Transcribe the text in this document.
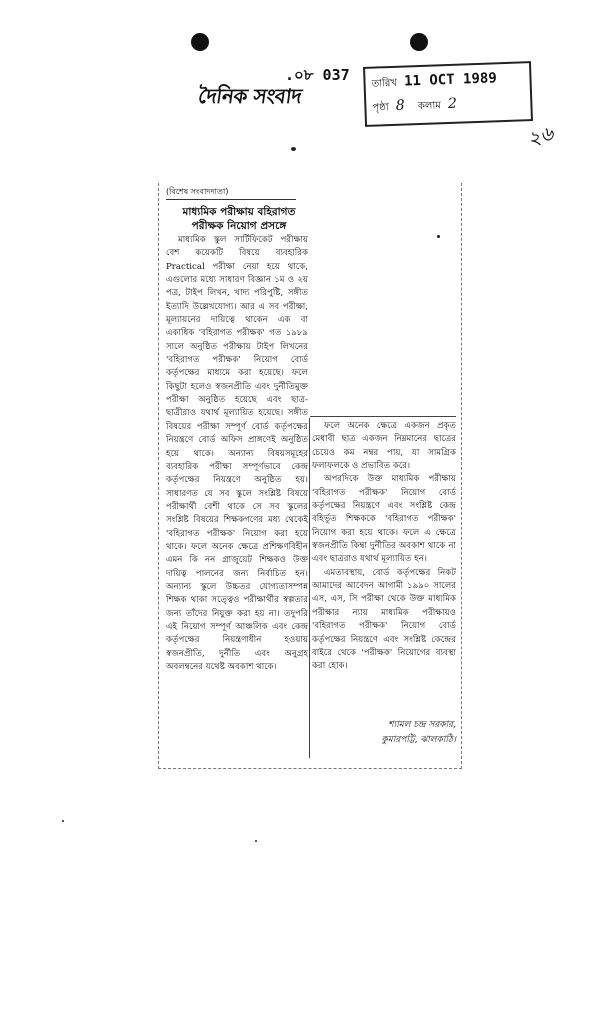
দৈনিক সংবাদ
.০৮ 037 তারিখ 11 OCT 1989
পৃষ্ঠা 8 কলাম 2
২৬
(বিশেষ সংবাদদাতা)
মাধ্যমিক পরীক্ষায় বহিরাগত পরীক্ষক নিয়োগ প্রসঙ্গে

মাধ্যমিক স্কুল সার্টিফিকেট পরীক্ষায় বেশ কয়েকটি বিষয়ে ব্যবহারিক Practical পরীক্ষা নেয়া হয়ে থাকে, এগুলোর মধ্যে সাধারণ বিজ্ঞান ১ম ও ২য় পত্র, টাইপ লিখন, খাদ্য পরিপুষ্টি, সঙ্গীত ইত্যাদি উল্লেখযোগ্য। আর এ সব পরীক্ষা, মূল্যায়নের দায়িত্বে থাকেন এক বা একাধিক 'বহিরাগত পরীক্ষক' গত ১৯৮৯ সালে অনুষ্ঠিত পরীক্ষায় টাইপ লিখনের 'বহিরাগত পরীক্ষক' নিয়োগ বোর্ড কর্তৃপক্ষের মাধ্যমে করা হয়েছে। ফলে কিছুটা হলেও স্বজনপ্রীতি এবং দুর্নীতিমুক্ত পরীক্ষা অনুষ্ঠিত হয়েছে এবং ছাত্র-ছাত্রীরাও যথার্থ মূল্যায়িত হয়েছে। সঙ্গীত বিষয়ের পরীক্ষা সম্পূর্ণ বোর্ড কর্তৃপক্ষের নিয়ন্ত্রণে বোর্ড অফিস প্রাঙ্গণেই অনুষ্ঠিত হয়ে থাকে। অন্যান্য বিষয়সমূহের ব্যবহারিক পরীক্ষা সম্পূর্ণভাবে কেন্দ্র কর্তৃপক্ষের নিয়ন্ত্রণে অনুষ্ঠিত হয়। সাধারণত যে সব স্কুলে সংশ্লিষ্ট বিষয়ে পরীক্ষার্থী বেশী থাকে সে সব স্কুলের সংশ্লিষ্ট বিষয়ের শিক্ষকগণের মধ্য থেকেই 'বহিরাগত পরীক্ষক' নিয়োগ করা হয়ে থাকে। ফলে অনেক ক্ষেত্রে প্রশিক্ষণবিহীন এমন কি নন গ্রাজুয়েট শিক্ষকও উক্ত দায়িত্ব পালনের জন্য নির্বাচিত হন। অন্যান্য স্কুলে উচ্চতর যোগ্যতাসম্পন্ন শিক্ষক থাকা সত্ত্বেও পরীক্ষার্থীর স্বল্পতার জন্য তাঁদের নিযুক্ত করা হয় না। তদুপরি এই নিয়োগ সম্পূর্ণ আঞ্চলিক এবং কেন্দ্র কর্তৃপক্ষের নিয়ন্ত্রণাধীন হওয়ায় স্বজনপ্রীতি, দুর্নীতি এবং অনুগ্রহ অবলম্বনের যথেষ্ট অবকাশ থাকে।

ফলে অনেক ক্ষেত্রে একজন প্রকৃত মেধাবী ছাত্র একজন নিম্নমানের ছাত্রের চেয়েও কম নম্বর পায়, যা সামগ্রিক ফলাফলকে ও প্রভাবিত করে।

অপরদিকে উক্ত মাধ্যমিক পরীক্ষায় 'বহিরাগত পরীক্ষক' নিয়োগ বোর্ড কর্তৃপক্ষের নিয়ন্ত্রণে এবং সংশ্লিষ্ট কেন্দ্র বহির্ভূত শিক্ষককে 'বহিরাগত পরীক্ষক' নিয়োগ করা হয়ে থাকে। ফলে এ ক্ষেত্রে স্বজনপ্রীতি কিম্বা দুর্নীতির অবকাশ থাকে না এবং ছাত্ররাও যথার্থ মূল্যায়িত হন।

এমতাবস্থায়, বোর্ড কর্তৃপক্ষের নিকট আমাদের আবেদন আগামী ১৯৯০ সালের এস, এস, সি পরীক্ষা থেকে উক্ত মাধ্যমিক পরীক্ষার ন্যায় মাধ্যমিক পরীক্ষায়ও 'বহিরাগত পরীক্ষক' নিয়োগ বোর্ড কর্তৃপক্ষের নিয়ন্ত্রণে এবং সংশ্লিষ্ট কেন্দ্রের বাইরে থেকে 'পরীক্ষক' নিয়োগের ব্যবস্থা করা হোক।

শ্যামল চন্দ্র সরকার,
কুমারপট্টি, ঝালকাঠি।
